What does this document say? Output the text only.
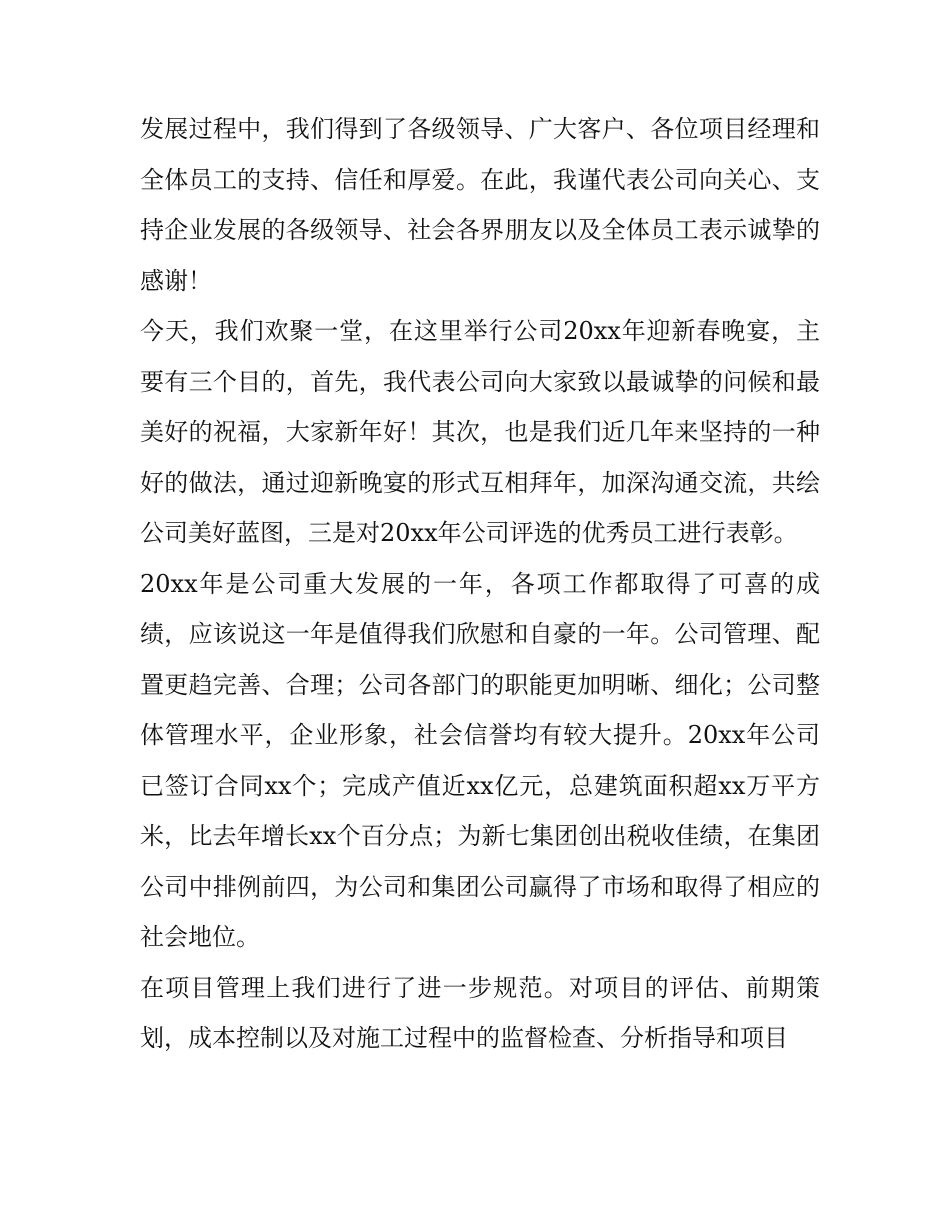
发展过程中，我们得到了各级领导、广大客户、各位项目经理和全体员工的支持、信任和厚爱。在此，我谨代表公司向关心、支持企业发展的各级领导、社会各界朋友以及全体员工表示诚挚的感谢！

今天，我们欢聚一堂，在这里举行公司20xx年迎新春晚宴，主要有三个目的，首先，我代表公司向大家致以最诚挚的问候和最美好的祝福，大家新年好！其次，也是我们近几年来坚持的一种好的做法，通过迎新晚宴的形式互相拜年，加深沟通交流，共绘公司美好蓝图，三是对20xx年公司评选的优秀员工进行表彰。

20xx年是公司重大发展的一年，各项工作都取得了可喜的成绩，应该说这一年是值得我们欣慰和自豪的一年。公司管理、配置更趋完善、合理；公司各部门的职能更加明晰、细化；公司整体管理水平，企业形象，社会信誉均有较大提升。20xx年公司已签订合同xx个；完成产值近xx亿元，总建筑面积超xx万平方米，比去年增长xx个百分点；为新七集团创出税收佳绩，在集团公司中排例前四，为公司和集团公司赢得了市场和取得了相应的社会地位。

在项目管理上我们进行了进一步规范。对项目的评估、前期策划，成本控制以及对施工过程中的监督检查、分析指导和项目
